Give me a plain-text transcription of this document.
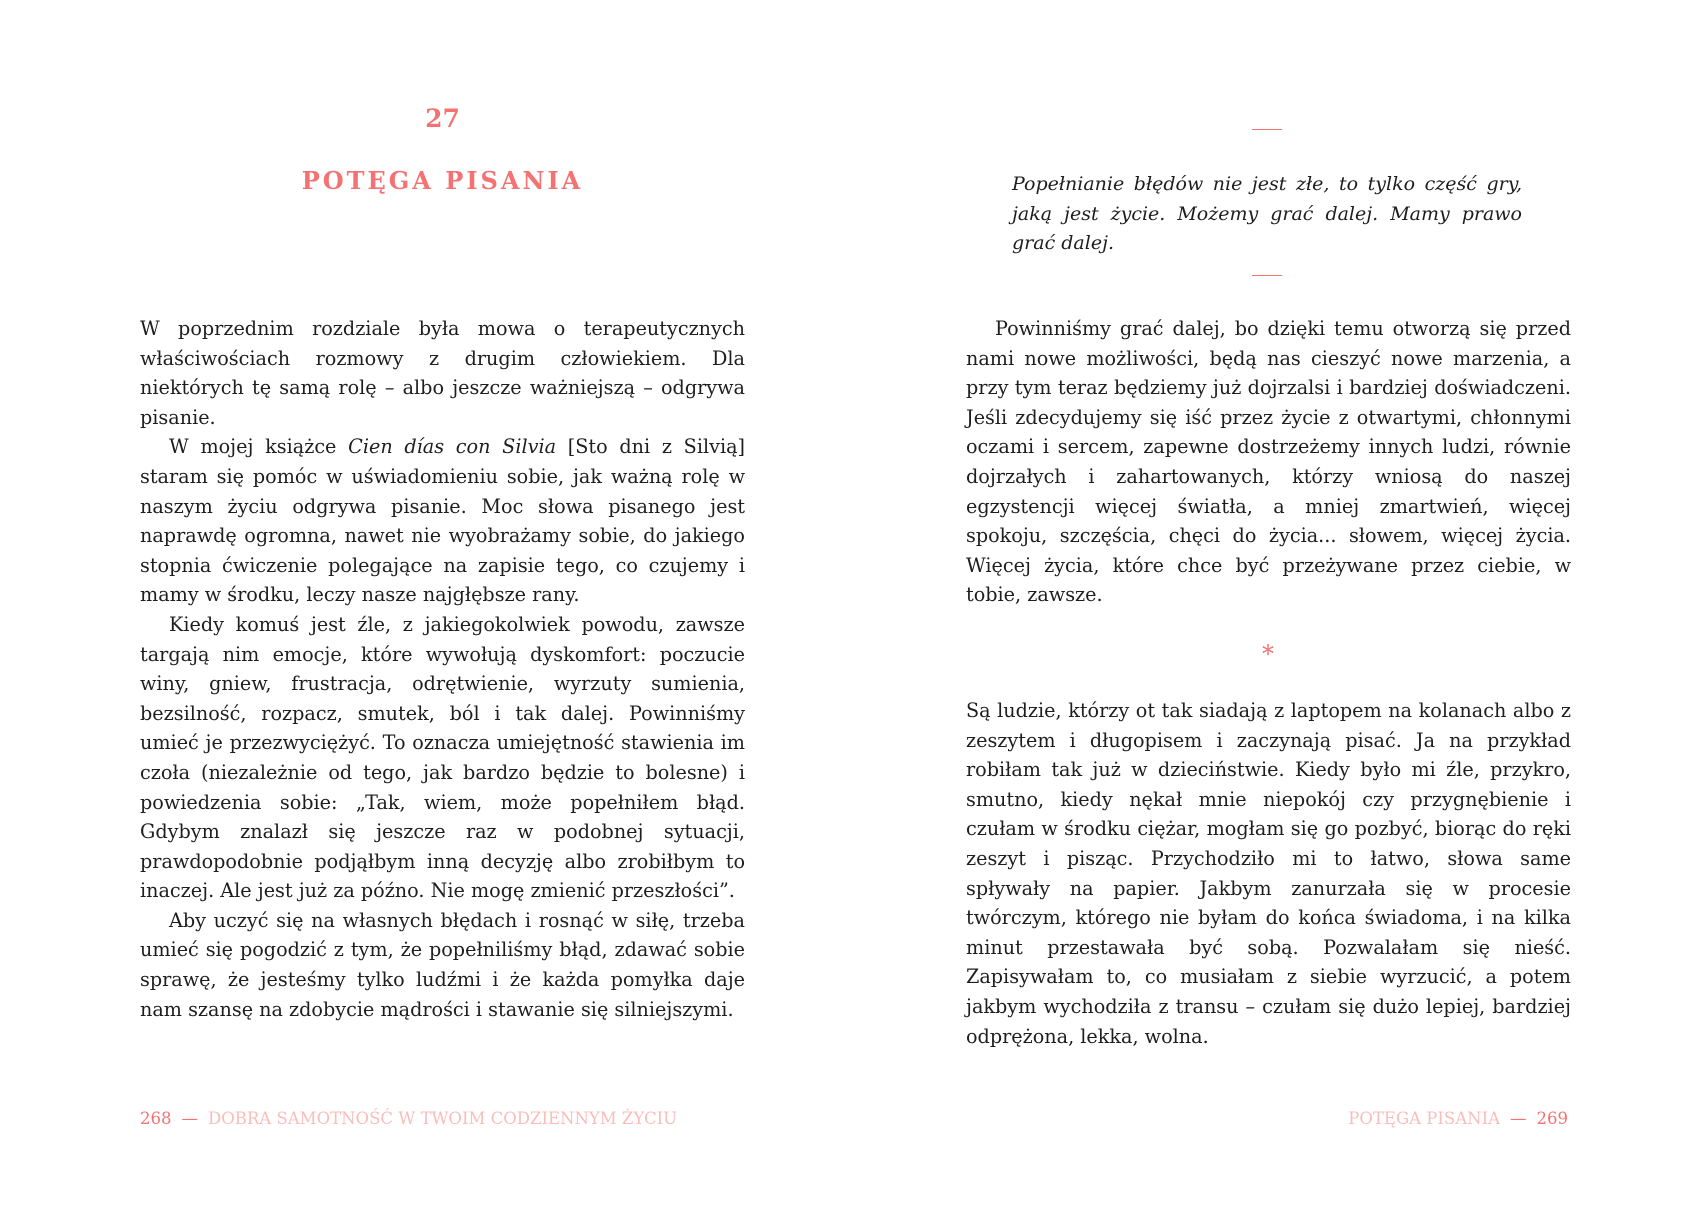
27
POTĘGA PISANIA

W poprzednim rozdziale była mowa o terapeutycznych właściwościach rozmowy z drugim człowiekiem. Dla niektórych tę samą rolę – albo jeszcze ważniejszą – odgrywa pisanie.

W mojej książce Cien días con Silvia [Sto dni z Silvią] staram się pomóc w uświadomieniu sobie, jak ważną rolę w naszym życiu odgrywa pisanie. Moc słowa pisanego jest naprawdę ogromna, nawet nie wyobrażamy sobie, do jakiego stopnia ćwiczenie polegające na zapisie tego, co czujemy i mamy w środku, leczy nasze najgłębsze rany.

Kiedy komuś jest źle, z jakiegokolwiek powodu, zawsze targają nim emocje, które wywołują dyskomfort: poczucie winy, gniew, frustracja, odrętwienie, wyrzuty sumienia, bezsilność, rozpacz, smutek, ból i tak dalej. Powinniśmy umieć je przezwyciężyć. To oznacza umiejętność stawienia im czoła (niezależnie od tego, jak bardzo będzie to bolesne) i powiedzenia sobie: „Tak, wiem, może popełniłem błąd. Gdybym znalazł się jeszcze raz w podobnej sytuacji, prawdopodobnie podjąłbym inną decyzję albo zrobiłbym to inaczej. Ale jest już za późno. Nie mogę zmienić przeszłości”.

Aby uczyć się na własnych błędach i rosnąć w siłę, trzeba umieć się pogodzić z tym, że popełniliśmy błąd, zdawać sobie sprawę, że jesteśmy tylko ludźmi i że każda pomyłka daje nam szansę na zdobycie mądrości i stawanie się silniejszymi.

268 — DOBRA SAMOTNOŚĆ W TWOIM CODZIENNYM ŻYCIU
Popełnianie błędów nie jest złe, to tylko część gry, jaką jest życie. Możemy grać dalej. Mamy prawo grać dalej.

Powinniśmy grać dalej, bo dzięki temu otworzą się przed nami nowe możliwości, będą nas cieszyć nowe marzenia, a przy tym teraz będziemy już dojrzalsi i bardziej doświadczeni. Jeśli zdecydujemy się iść przez życie z otwartymi, chłonnymi oczami i sercem, zapewne dostrzeżemy innych ludzi, równie dojrzałych i zahartowanych, którzy wniosą do naszej egzystencji więcej światła, a mniej zmartwień, więcej spokoju, szczęścia, chęci do życia... słowem, więcej życia. Więcej życia, które chce być przeżywane przez ciebie, w tobie, zawsze.

*

Są ludzie, którzy ot tak siadają z laptopem na kolanach albo z zeszytem i długopisem i zaczynają pisać. Ja na przykład robiłam tak już w dzieciństwie. Kiedy było mi źle, przykro, smutno, kiedy nękał mnie niepokój czy przygnębienie i czułam w środku ciężar, mogłam się go pozbyć, biorąc do ręki zeszyt i pisząc. Przychodziło mi to łatwo, słowa same spływały na papier. Jakbym zanurzała się w procesie twórczym, którego nie byłam do końca świadoma, i na kilka minut przestawała być sobą. Pozwalałam się nieść. Zapisywałam to, co musiałam z siebie wyrzucić, a potem jakbym wychodziła z transu – czułam się dużo lepiej, bardziej odprężona, lekka, wolna.

POTĘGA PISANIA — 269
